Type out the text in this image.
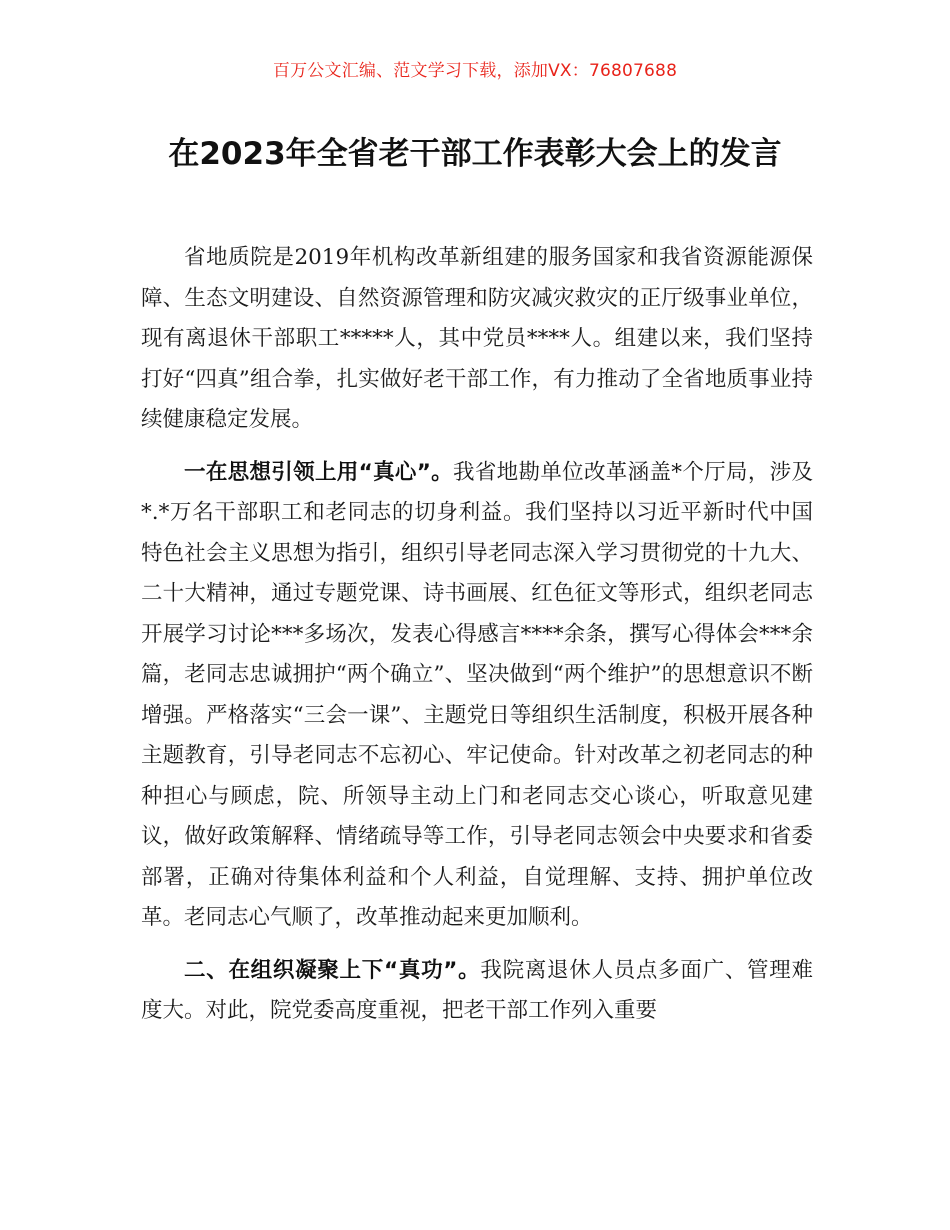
百万公文汇编、范文学习下载，添加VX：76807688
在2023年全省老干部工作表彰大会上的发言

省地质院是2019年机构改革新组建的服务国家和我省资源能源保障、生态文明建设、自然资源管理和防灾减灾救灾的正厅级事业单位，现有离退休干部职工*****人，其中党员****人。组建以来，我们坚持打好“四真”组合拳，扎实做好老干部工作，有力推动了全省地质事业持续健康稳定发展。

一在思想引领上用“真心”。我省地勘单位改革涵盖*个厅局，涉及*.*万名干部职工和老同志的切身利益。我们坚持以习近平新时代中国特色社会主义思想为指引，组织引导老同志深入学习贯彻党的十九大、二十大精神，通过专题党课、诗书画展、红色征文等形式，组织老同志开展学习讨论***多场次，发表心得感言****余条，撰写心得体会***余篇，老同志忠诚拥护“两个确立”、坚决做到“两个维护”的思想意识不断增强。严格落实“三会一课”、主题党日等组织生活制度，积极开展各种主题教育，引导老同志不忘初心、牢记使命。针对改革之初老同志的种种担心与顾虑，院、所领导主动上门和老同志交心谈心，听取意见建议，做好政策解释、情绪疏导等工作，引导老同志领会中央要求和省委部署，正确对待集体利益和个人利益，自觉理解、支持、拥护单位改革。老同志心气顺了，改革推动起来更加顺利。

二、在组织凝聚上下“真功”。我院离退休人员点多面广、管理难度大。对此，院党委高度重视，把老干部工作列入重要
